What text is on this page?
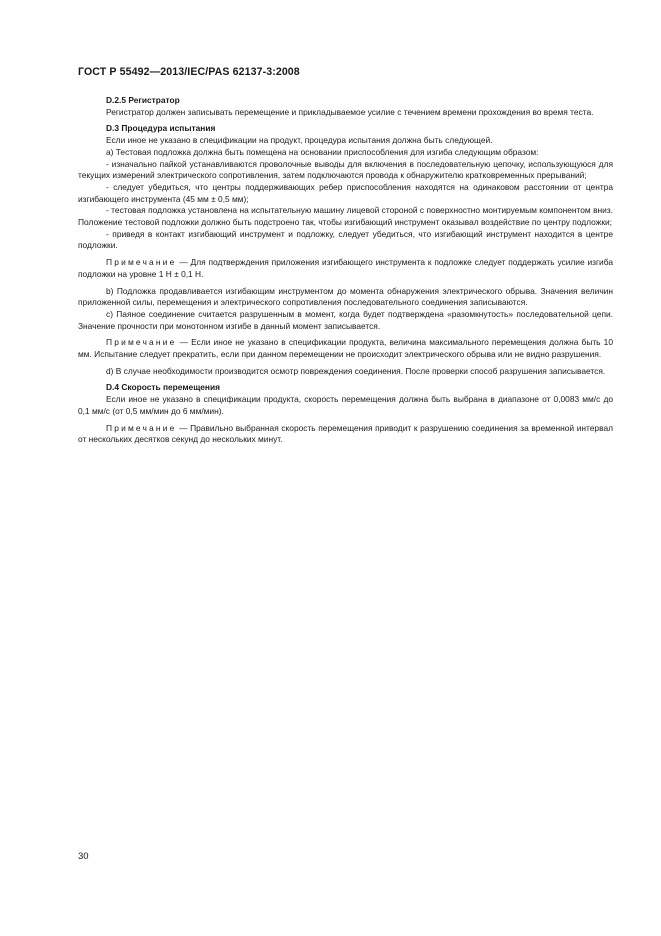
ГОСТ Р 55492—2013/IEC/PAS 62137-3:2008

D.2.5 Регистратор

Регистратор должен записывать перемещение и прикладываемое усилие с течением времени прохождения во время теста.

D.3 Процедура испытания

Если иное не указано в спецификации на продукт, процедура испытания должна быть следующей.

a) Тестовая подложка должна быть помещена на основании приспособления для изгиба следующим образом:

- изначально пайкой устанавливаются проволочные выводы для включения в последовательную цепочку, использующуюся для текущих измерений электрического сопротивления, затем подключаются провода к обнаружителю кратковременных прерываний;

- следует убедиться, что центры поддерживающих ребер приспособления находятся на одинаковом расстоянии от центра изгибающего инструмента (45 мм ± 0,5 мм);

- тестовая подложка установлена на испытательную машину лицевой стороной с поверхностно монтируемым компонентом вниз. Положение тестовой подложки должно быть подстроено так, чтобы изгибающий инструмент оказывал воздействие по центру подложки;

- приведя в контакт изгибающий инструмент и подложку, следует убедиться, что изгибающий инструмент находится в центре подложки.

Примечание — Для подтверждения приложения изгибающего инструмента к подложке следует поддержать усилие изгиба подложки на уровне 1 Н ± 0,1 Н.

b) Подложка продавливается изгибающим инструментом до момента обнаружения электрического обрыва. Значения величин приложенной силы, перемещения и электрического сопротивления последовательного соединения записываются.

c) Паяное соединение считается разрушенным в момент, когда будет подтверждена «разомкнутость» последовательной цепи. Значение прочности при монотонном изгибе в данный момент записывается.

Примечание — Если иное не указано в спецификации продукта, величина максимального перемещения должна быть 10 мм. Испытание следует прекратить, если при данном перемещении не происходит электрического обрыва или не видно разрушения.

d) В случае необходимости производится осмотр повреждения соединения. После проверки способ разрушения записывается.

D.4 Скорость перемещения

Если иное не указано в спецификации продукта, скорость перемещения должна быть выбрана в диапазоне от 0,0083 мм/с до 0,1 мм/с (от 0,5 мм/мин до 6 мм/мин).

Примечание — Правильно выбранная скорость перемещения приводит к разрушению соединения за временной интервал от нескольких десятков секунд до нескольких минут.

30
